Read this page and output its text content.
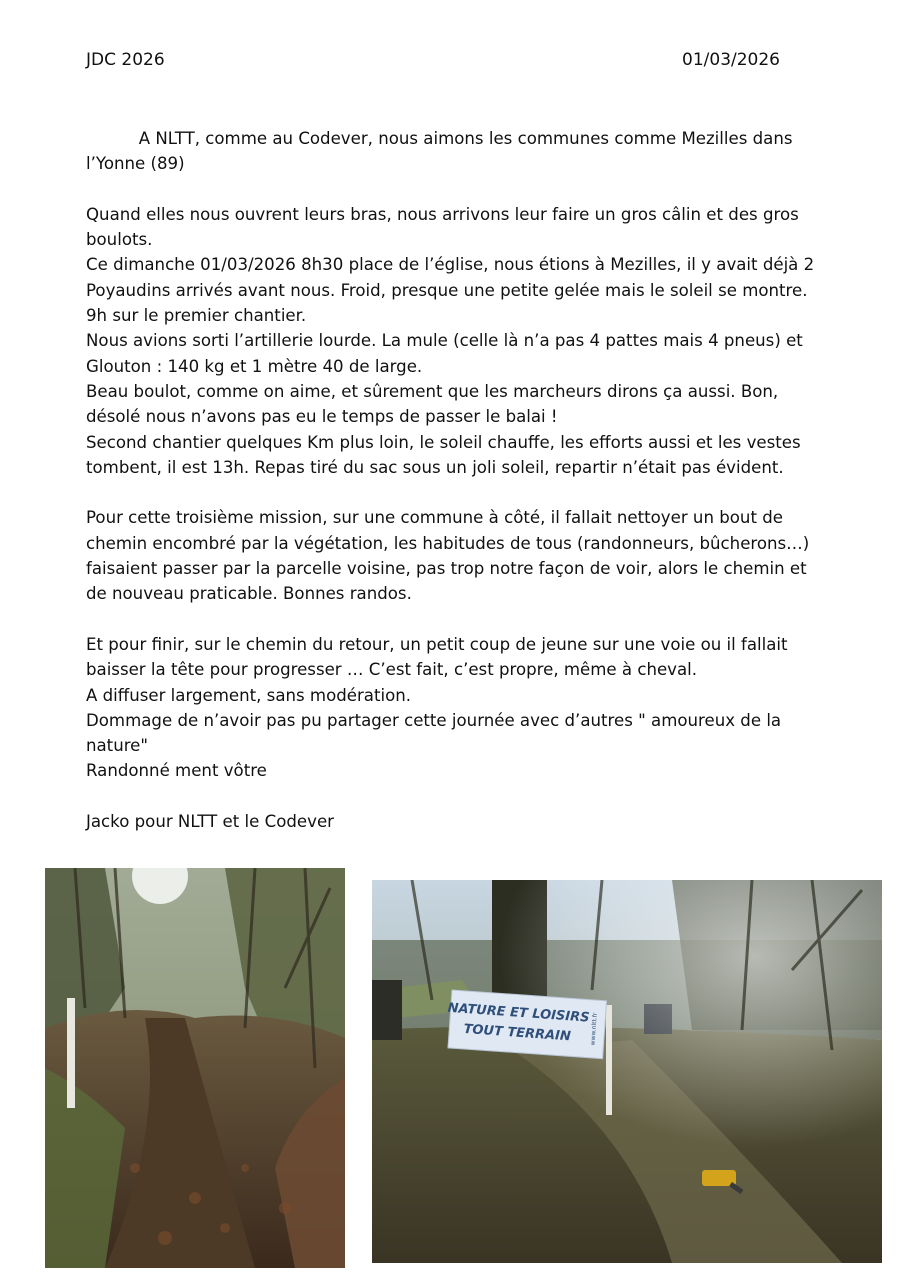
JDC 2026	01/03/2026

A NLTT, comme au Codever, nous aimons les communes comme Mezilles dans l’Yonne (89)

Quand elles nous ouvrent leurs bras, nous arrivons leur faire un gros câlin et des gros boulots.
Ce dimanche 01/03/2026 8h30 place de l’église, nous étions à Mezilles, il y avait déjà 2 Poyaudins arrivés avant nous. Froid, presque une petite gelée mais le soleil se montre. 9h sur le premier chantier.
Nous avions sorti l’artillerie lourde. La mule (celle là n’a pas 4 pattes mais 4 pneus) et Glouton : 140 kg et 1 mètre 40 de large.
Beau boulot, comme on aime, et sûrement que les marcheurs dirons ça aussi. Bon, désolé nous n’avons pas eu le temps de passer le balai !
Second chantier quelques Km plus loin, le soleil chauffe, les efforts aussi et les vestes tombent, il est 13h. Repas tiré du sac sous un joli soleil, repartir n’était pas évident.

Pour cette troisième mission, sur une commune à côté, il fallait nettoyer un bout de chemin encombré par la végétation, les habitudes de tous (randonneurs, bûcherons…) faisaient passer par la parcelle voisine, pas trop notre façon de voir, alors le chemin et de nouveau praticable. Bonnes randos.

Et pour finir, sur le chemin du retour, un petit coup de jeune sur une voie ou il fallait baisser la tête pour progresser … C’est fait, c’est propre, même à cheval.
A diffuser largement, sans modération.
Dommage de n’avoir pas pu partager cette journée avec d’autres " amoureux de la nature"
Randonné ment vôtre

Jacko pour NLTT et le Codever

NATURE ET LOISIRS
TOUT TERRAIN	www.nltt.fr
